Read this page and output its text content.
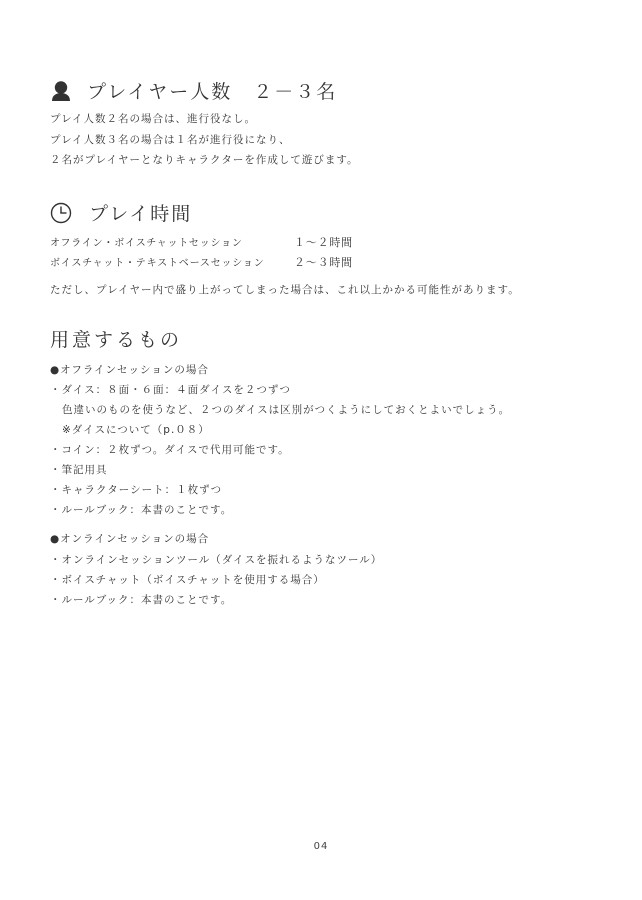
プレイヤー人数　２－３名
プレイ人数２名の場合は、進行役なし。
プレイ人数３名の場合は１名が進行役になり、
２名がプレイヤーとなりキャラクターを作成して遊びます。
プレイ時間
オフライン・ボイスチャットセッション	１～２時間
ボイスチャット・テキストベースセッション	２～３時間
ただし、プレイヤー内で盛り上がってしまった場合は、これ以上かかる可能性があります。
用意するもの
●オフラインセッションの場合
・ダイス：８面・６面：４面ダイスを２つずつ
色違いのものを使うなど、２つのダイスは区別がつくようにしておくとよいでしょう。
※ダイスについて（p.０８）
・コイン：２枚ずつ。ダイスで代用可能です。
・筆記用具
・キャラクターシート：１枚ずつ
・ルールブック：本書のことです。
●オンラインセッションの場合
・オンラインセッションツール（ダイスを振れるようなツール）
・ボイスチャット（ボイスチャットを使用する場合）
・ルールブック：本書のことです。
04
